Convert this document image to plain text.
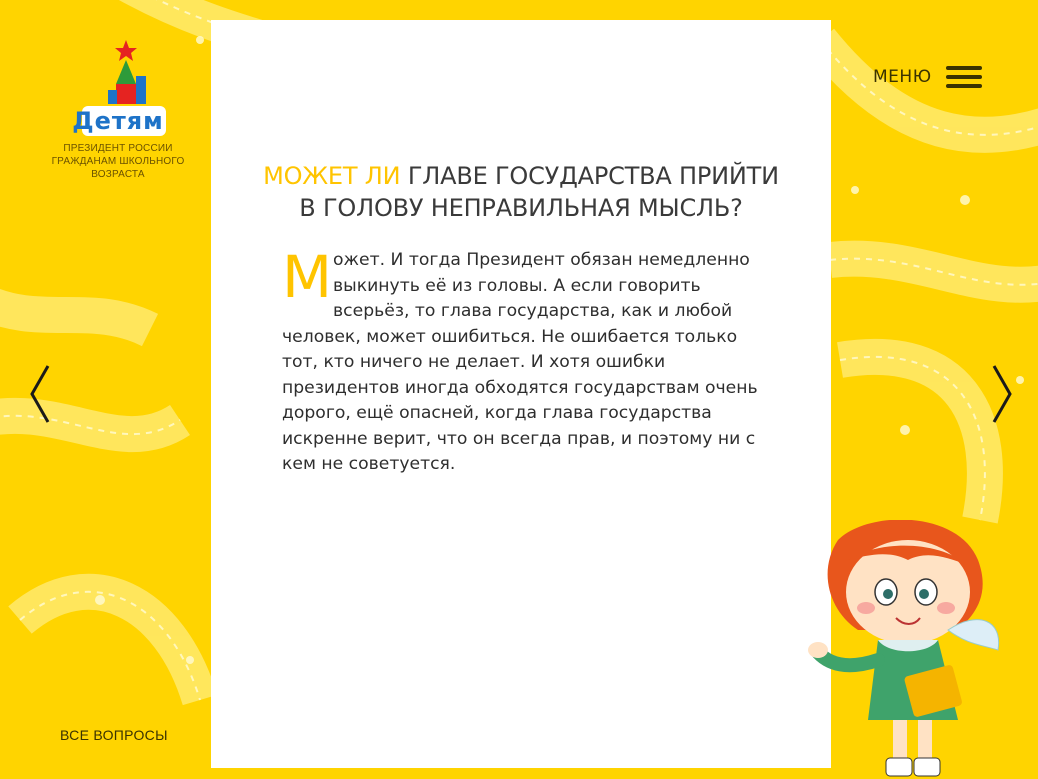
Детям
ПРЕЗИДЕНТ РОССИИ
ГРАЖДАНАМ ШКОЛЬНОГО
ВОЗРАСТА
МЕНЮ
МОЖЕТ ЛИ ГЛАВЕ ГОСУДАРСТВА ПРИЙТИ
В ГОЛОВУ НЕПРАВИЛЬНАЯ МЫСЛЬ?
Может. И тогда Президент обязан немедленно выкинуть её из головы. А если говорить всерьёз, то глава государства, как и любой человек, может ошибиться. Не ошибается только тот, кто ничего не делает. И хотя ошибки президентов иногда обходятся государствам очень дорого, ещё опасней, когда глава государства искренне верит, что он всегда прав, и поэтому ни с кем не советуется.
ВСЕ ВОПРОСЫ
